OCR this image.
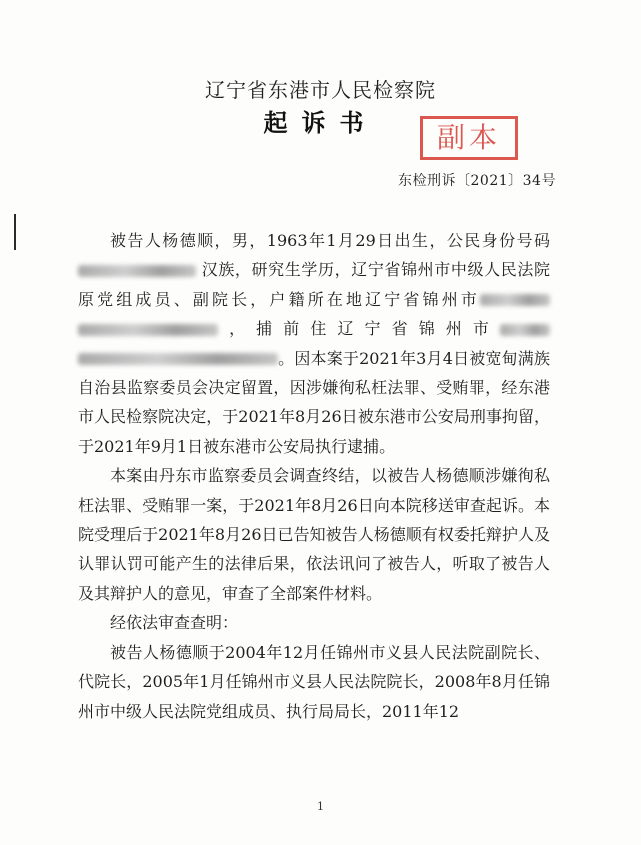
辽宁省东港市人民检察院
起诉书	副本
东检刑诉〔2021〕34号

被告人杨德顺，男，1963年1月29日出生，公民身份号码 汉族，研究生学历，辽宁省锦州市中级人民法院原党组成员、副院长，户籍所在地辽宁省锦州市，捕前住辽宁省锦州市。因本案于2021年3月4日被宽甸满族自治县监察委员会决定留置，因涉嫌徇私枉法罪、受贿罪，经东港市人民检察院决定，于2021年8月26日被东港市公安局刑事拘留，于2021年9月1日被东港市公安局执行逮捕。

本案由丹东市监察委员会调查终结，以被告人杨德顺涉嫌徇私枉法罪、受贿罪一案，于2021年8月26日向本院移送审查起诉。本院受理后于2021年8月26日已告知被告人杨德顺有权委托辩护人及认罪认罚可能产生的法律后果，依法讯问了被告人，听取了被告人及其辩护人的意见，审查了全部案件材料。

经依法审查查明：

被告人杨德顺于2004年12月任锦州市义县人民法院副院长、代院长，2005年1月任锦州市义县人民法院院长，2008年8月任锦州市中级人民法院党组成员、执行局局长，2011年12

1
